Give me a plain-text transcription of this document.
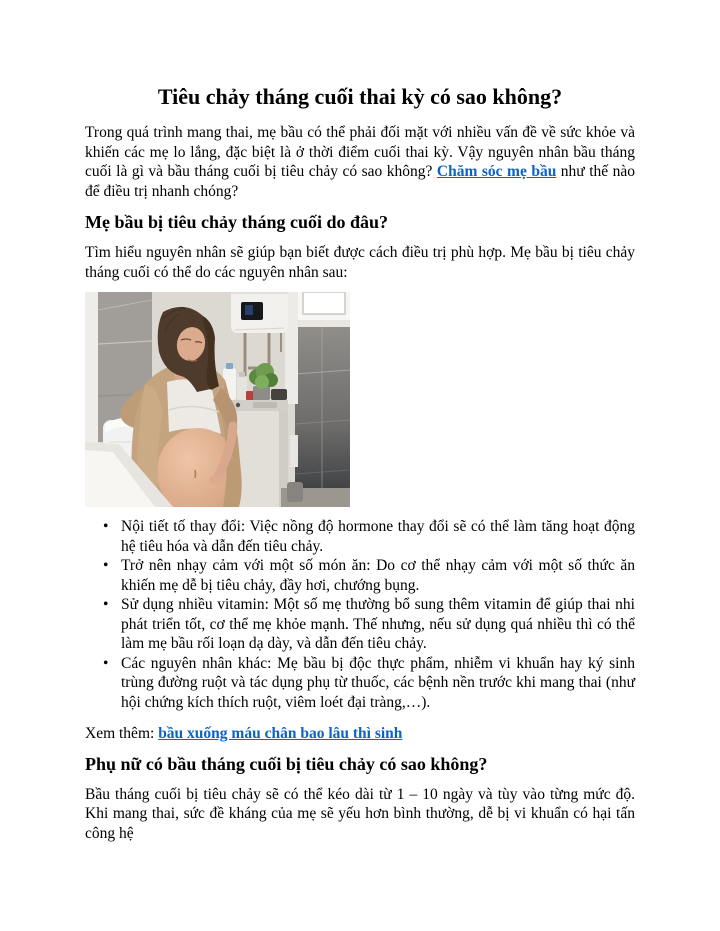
Tiêu chảy tháng cuối thai kỳ có sao không?

Trong quá trình mang thai, mẹ bầu có thể phải đối mặt với nhiều vấn đề về sức khỏe và khiến các mẹ lo lắng, đặc biệt là ở thời điểm cuối thai kỳ. Vậy nguyên nhân bầu tháng cuối là gì và bầu tháng cuối bị tiêu chảy có sao không? Chăm sóc mẹ bầu như thế nào để điều trị nhanh chóng?

Mẹ bầu bị tiêu chảy tháng cuối do đâu?

Tìm hiểu nguyên nhân sẽ giúp bạn biết được cách điều trị phù hợp. Mẹ bầu bị tiêu chảy tháng cuối có thể do các nguyên nhân sau:

• Nội tiết tố thay đổi: Việc nồng độ hormone thay đổi sẽ có thể làm tăng hoạt động hệ tiêu hóa và dẫn đến tiêu chảy.
• Trở nên nhạy cảm với một số món ăn: Do cơ thể nhạy cảm với một số thức ăn khiến mẹ dễ bị tiêu chảy, đầy hơi, chướng bụng.
• Sử dụng nhiều vitamin: Một số mẹ thường bổ sung thêm vitamin để giúp thai nhi phát triển tốt, cơ thể mẹ khỏe mạnh. Thế nhưng, nếu sử dụng quá nhiều thì có thể làm mẹ bầu rối loạn dạ dày, và dẫn đến tiêu chảy.
• Các nguyên nhân khác: Mẹ bầu bị độc thực phẩm, nhiễm vi khuẩn hay ký sinh trùng đường ruột và tác dụng phụ từ thuốc, các bệnh nền trước khi mang thai (như hội chứng kích thích ruột, viêm loét đại tràng,…).

Xem thêm: bầu xuống máu chân bao lâu thì sinh

Phụ nữ có bầu tháng cuối bị tiêu chảy có sao không?

Bầu tháng cuối bị tiêu chảy sẽ có thể kéo dài từ 1 – 10 ngày và tùy vào từng mức độ. Khi mang thai, sức đề kháng của mẹ sẽ yếu hơn bình thường, dễ bị vi khuẩn có hại tấn công hệ
